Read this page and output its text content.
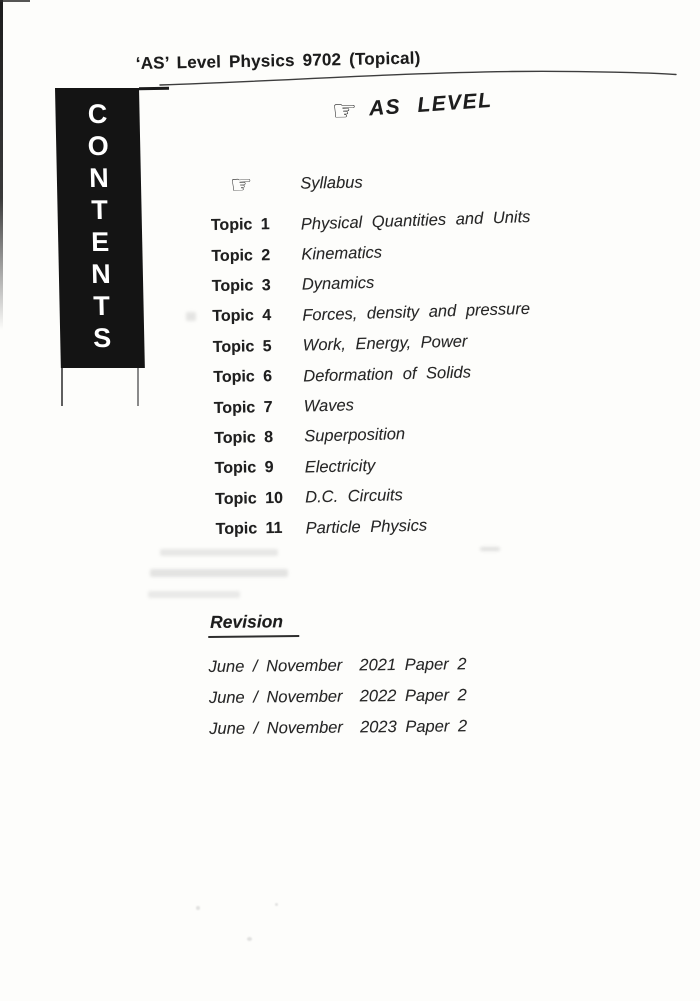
‘AS’ Level Physics 9702 (Topical)
C
O
N
T
E
N
T
S
☞ AS LEVEL
☞	Syllabus
Topic 1	Physical Quantities and Units
Topic 2	Kinematics
Topic 3	Dynamics
Topic 4	Forces, density and pressure
Topic 5	Work, Energy, Power
Topic 6	Deformation of Solids
Topic 7	Waves
Topic 8	Superposition
Topic 9	Electricity
Topic 10	D.C. Circuits
Topic 11	Particle Physics
Revision
June / November  2021 Paper 2
June / November  2022 Paper 2
June / November  2023 Paper 2
